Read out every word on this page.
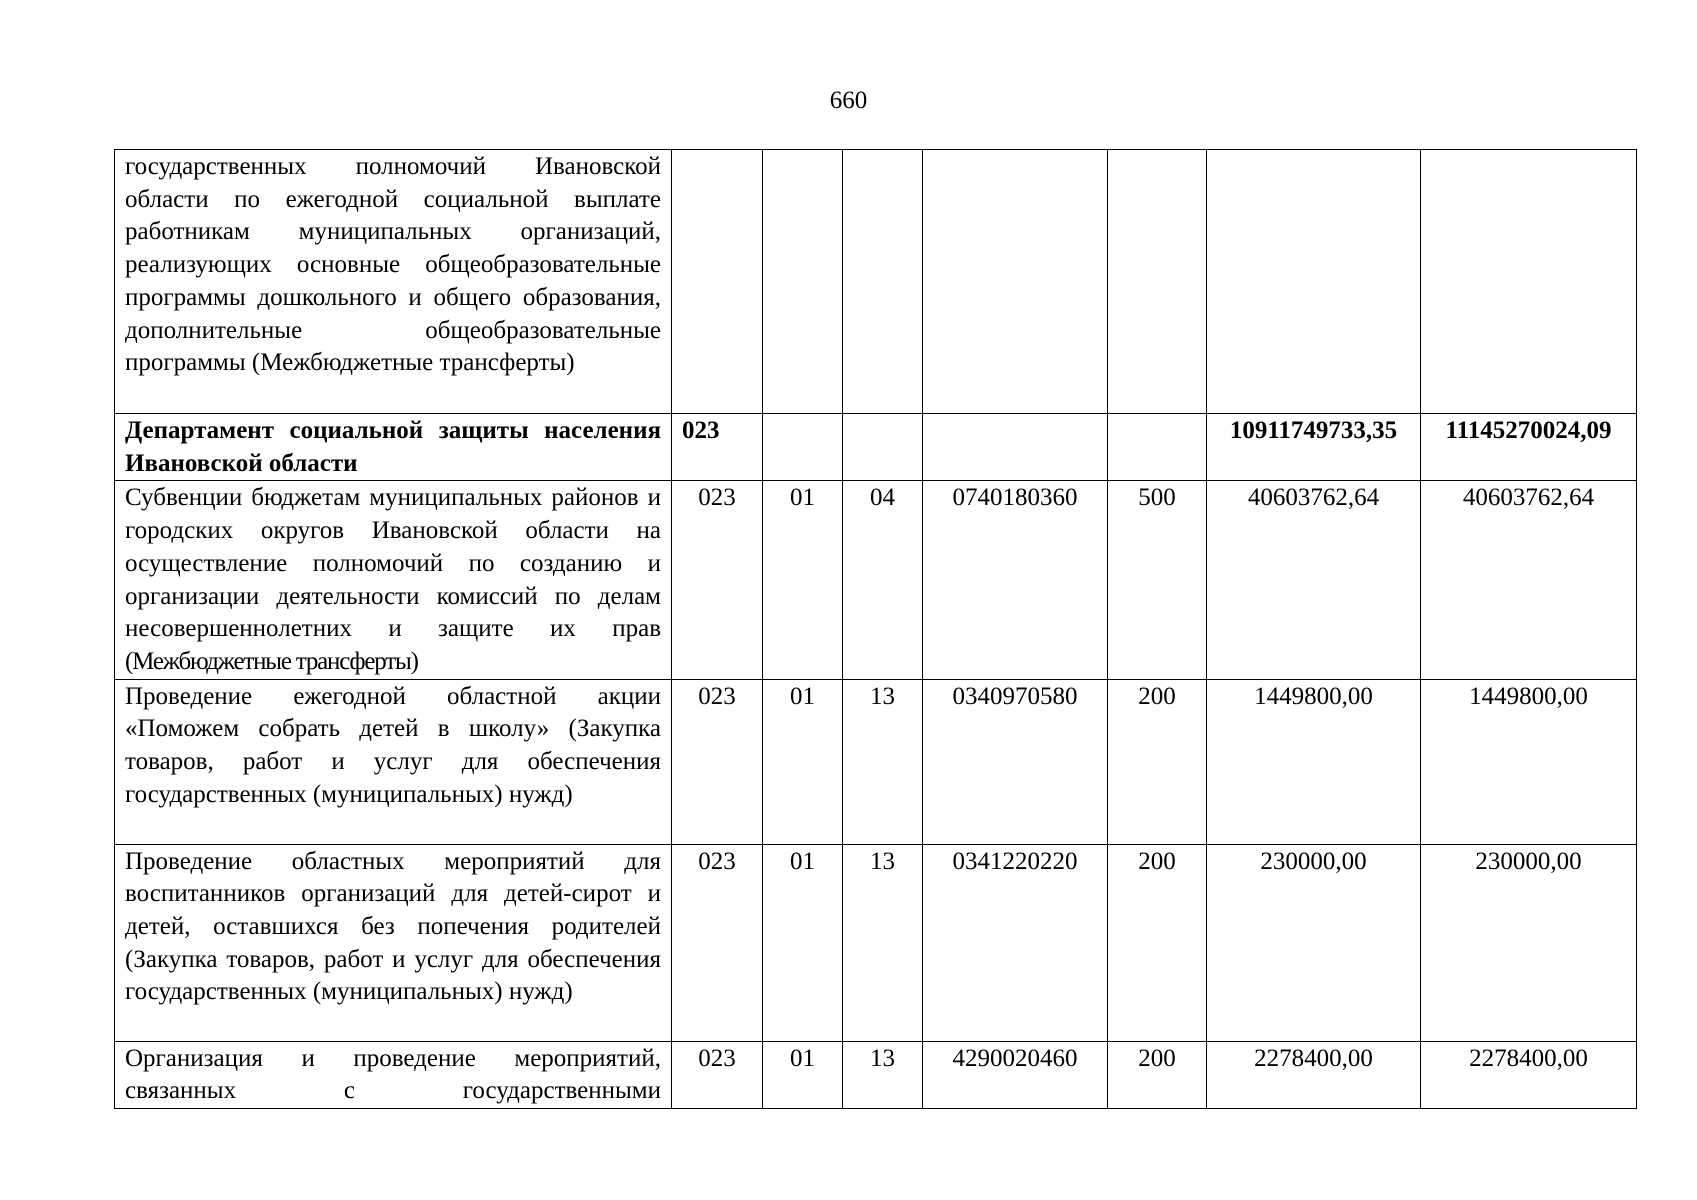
660
государственных полномочий Ивановской области по ежегодной социальной выплате работникам муниципальных организаций, реализующих основные общеобразовательные программы дошкольного и общего образования, дополнительные общеобразовательные программы (Межбюджетные трансферты)							
Департамент социальной защиты населения Ивановской области	023					10911749733,35	11145270024,09
Субвенции бюджетам муниципальных районов и городских округов Ивановской области на осуществление полномочий по созданию и организации деятельности комиссий по делам несовершеннолетних и защите их прав (Межбюджетные трансферты)	023	01	04	0740180360	500	40603762,64	40603762,64
Проведение ежегодной областной акции «Поможем собрать детей в школу» (Закупка товаров, работ и услуг для обеспечения государственных (муниципальных) нужд)	023	01	13	0340970580	200	1449800,00	1449800,00
Проведение областных мероприятий для воспитанников организаций для детей-сирот и детей, оставшихся без попечения родителей (Закупка товаров, работ и услуг для обеспечения государственных (муниципальных) нужд)	023	01	13	0341220220	200	230000,00	230000,00
Организация и проведение мероприятий, связанных с государственными	023	01	13	4290020460	200	2278400,00	2278400,00
